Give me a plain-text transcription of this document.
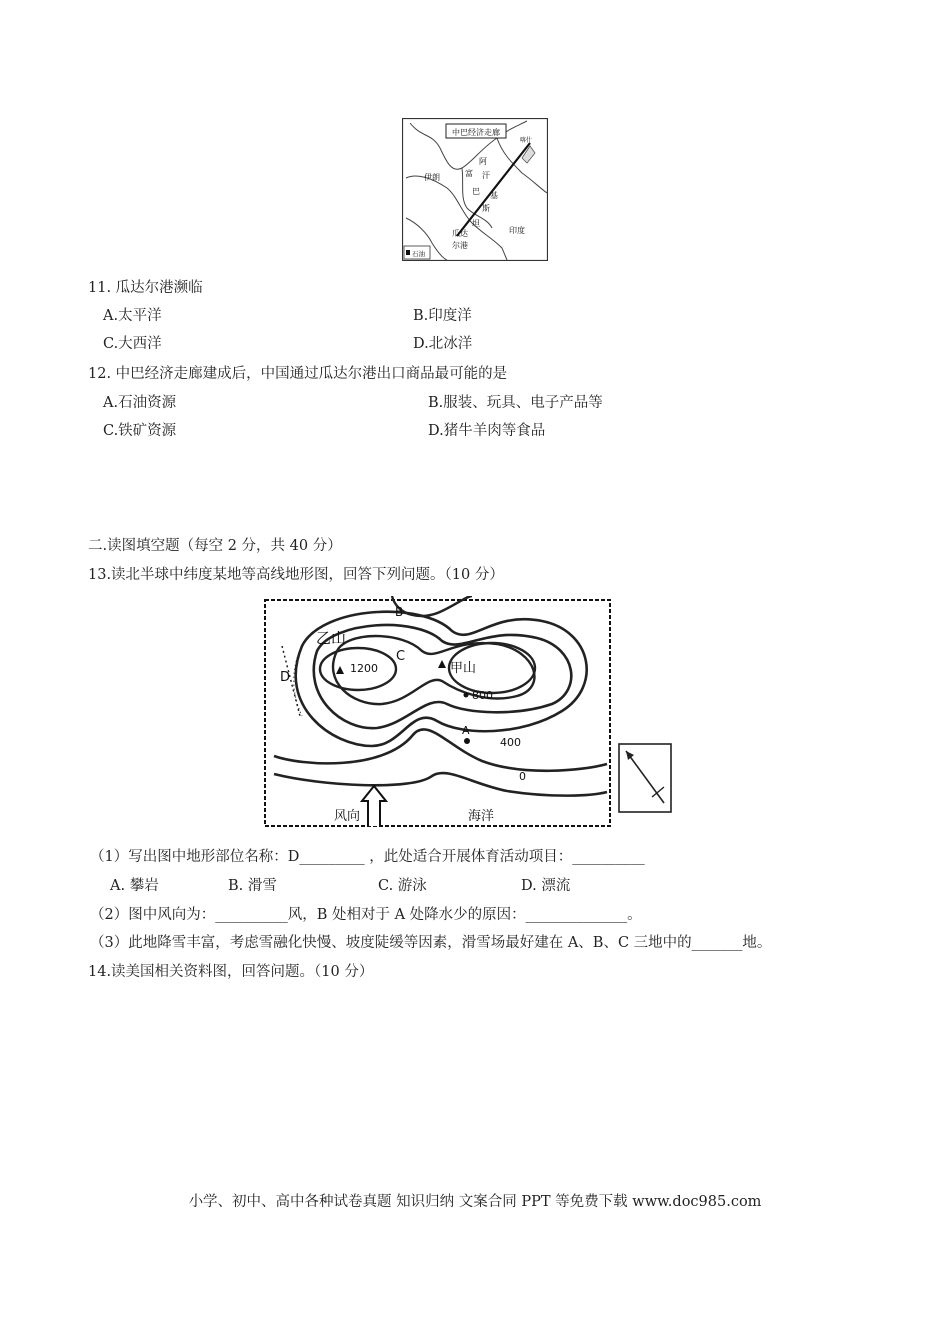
中巴经济走廊
喀什
伊朗
阿
富 汗
巴 基
斯
坦
瓜达
尔港
印度
石油
11. 瓜达尔港濒临
A.太平洋	B.印度洋
C.大西洋	D.北冰洋
12. 中巴经济走廊建成后，中国通过瓜达尔港出口商品最可能的是
A.石油资源	B.服装、玩具、电子产品等
C.铁矿资源	D.猪牛羊肉等食品
二.读图填空题（每空 2 分，共 40 分）
13.读北半球中纬度某地等高线地形图，回答下列问题。（10 分）
B
乙山
1200
C
甲山
D
800
A
400
0
风向	海洋
（1）写出图中地形部位名称：D_________ ，此处适合开展体育活动项目：__________
A. 攀岩	B. 滑雪	C. 游泳	D. 漂流
（2）图中风向为：__________风，B 处相对于 A 处降水少的原因：______________。
（3）此地降雪丰富，考虑雪融化快慢、坡度陡缓等因素，滑雪场最好建在 A、B、C 三地中的_______地。
14.读美国相关资料图，回答问题。（10 分）
小学、初中、高中各种试卷真题 知识归纳 文案合同 PPT 等免费下载 www.doc985.com
